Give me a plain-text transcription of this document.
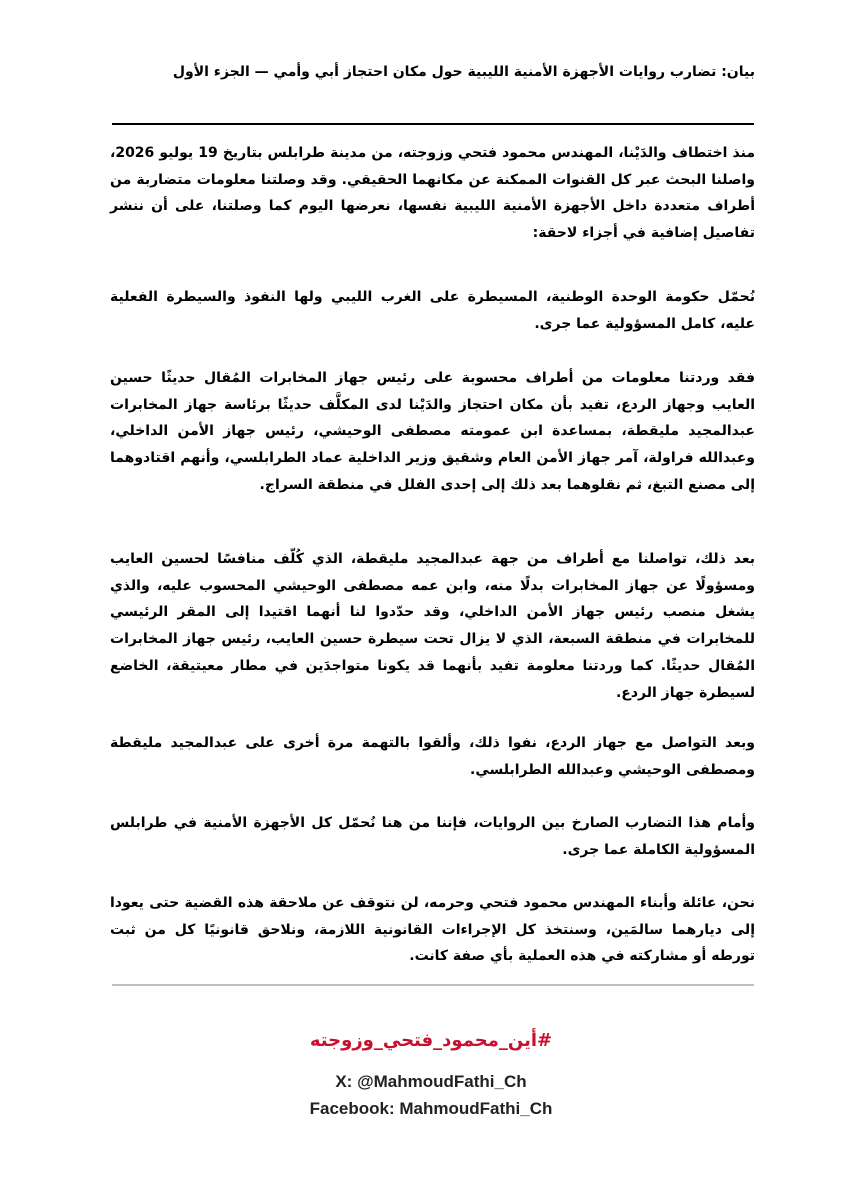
بيان: تضارب روايات الأجهزة الأمنية الليبية حول مكان احتجاز أبي وأمي — الجزء الأول

منذ اختطاف والدَيْنا، المهندس محمود فتحي وزوجته، من مدينة طرابلس بتاريخ 19 يوليو 2026، واصلنا البحث عبر كل القنوات الممكنة عن مكانهما الحقيقي. وقد وصلتنا معلومات متضاربة من أطراف متعددة داخل الأجهزة الأمنية الليبية نفسها، نعرضها اليوم كما وصلتنا، على أن ننشر تفاصيل إضافية في أجزاء لاحقة:

نُحمّل حكومة الوحدة الوطنية، المسيطرة على الغرب الليبي ولها النفوذ والسيطرة الفعلية عليه، كامل المسؤولية عما جرى.

فقد وردتنا معلومات من أطراف محسوبة على رئيس جهاز المخابرات المُقال حديثًا حسين العايب وجهاز الردع، تفيد بأن مكان احتجاز والدَيْنا لدى المكلَّف حديثًا برئاسة جهاز المخابرات عبدالمجيد مليقطة، بمساعدة ابن عمومته مصطفى الوحيشي، رئيس جهاز الأمن الداخلي، وعبدالله فراولة، آمر جهاز الأمن العام وشقيق وزير الداخلية عماد الطرابلسي، وأنهم اقتادوهما إلى مصنع التبغ، ثم نقلوهما بعد ذلك إلى إحدى الفلل في منطقة السراج.

بعد ذلك، تواصلنا مع أطراف من جهة عبدالمجيد مليقطة، الذي كُلّف منافسًا لحسين العايب ومسؤولًا عن جهاز المخابرات بدلًا منه، وابن عمه مصطفى الوحيشي المحسوب عليه، والذي يشغل منصب رئيس جهاز الأمن الداخلي، وقد حدّدوا لنا أنهما اقتيدا إلى المقر الرئيسي للمخابرات في منطقة السبعة، الذي لا يزال تحت سيطرة حسين العايب، رئيس جهاز المخابرات المُقال حديثًا. كما وردتنا معلومة تفيد بأنهما قد يكونا متواجدَين في مطار معيتيقة، الخاضع لسيطرة جهاز الردع.

وبعد التواصل مع جهاز الردع، نفوا ذلك، وألقوا بالتهمة مرة أخرى على عبدالمجيد مليقطة ومصطفى الوحيشي وعبدالله الطرابلسي.

وأمام هذا التضارب الصارخ بين الروايات، فإننا من هنا نُحمّل كل الأجهزة الأمنية في طرابلس المسؤولية الكاملة عما جرى.

نحن، عائلة وأبناء المهندس محمود فتحي وحرمه، لن نتوقف عن ملاحقة هذه القضية حتى يعودا إلى ديارهما سالمَين، وسنتخذ كل الإجراءات القانونية اللازمة، ونلاحق قانونيًا كل من ثبت تورطه أو مشاركته في هذه العملية بأي صفة كانت.

#أين_محمود_فتحي_وزوجته
X: @MahmoudFathi_Ch
Facebook: MahmoudFathi_Ch
